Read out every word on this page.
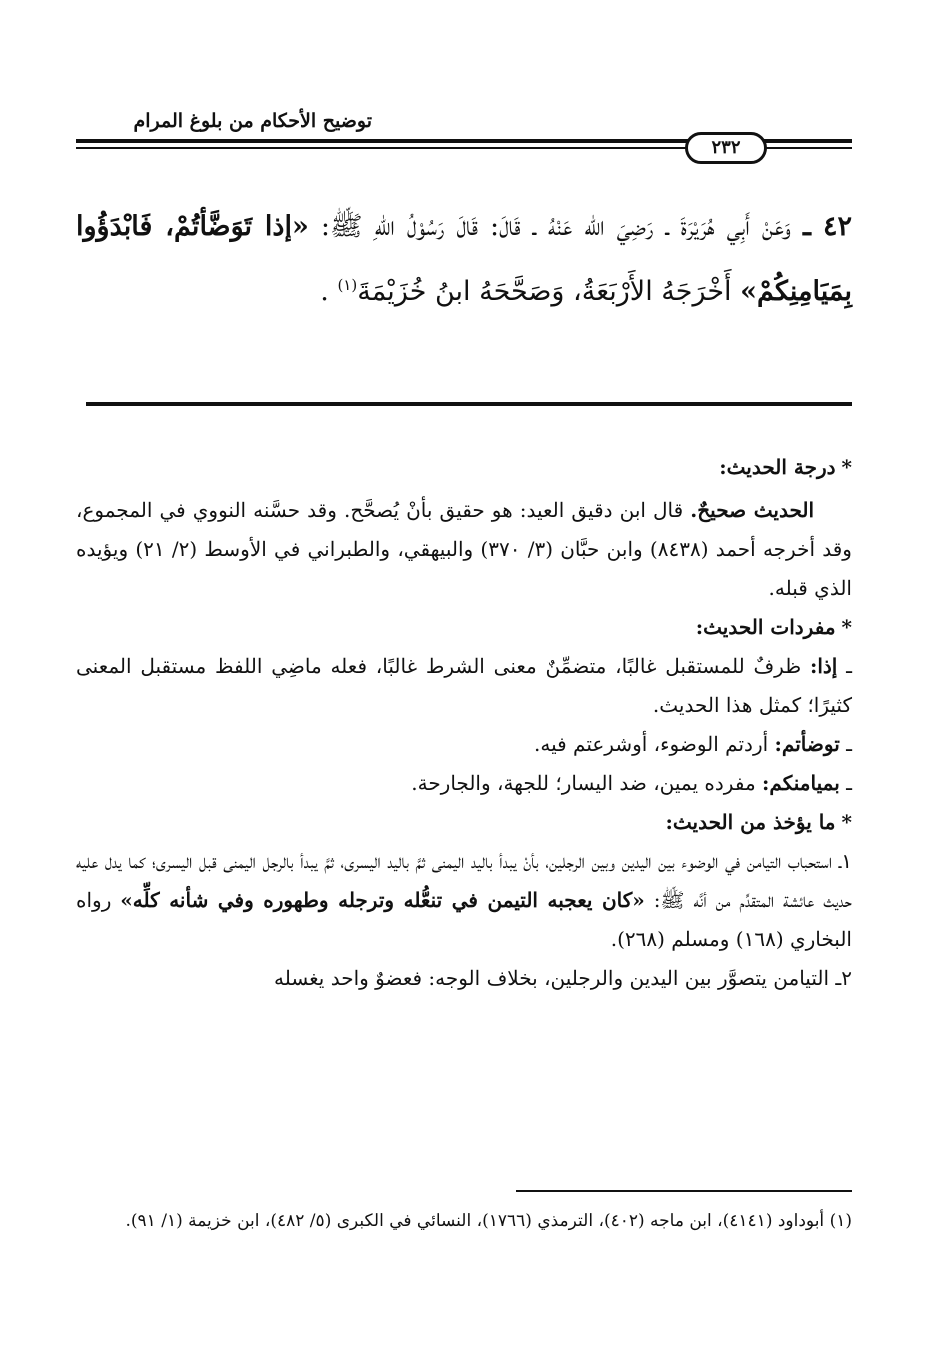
توضيح الأحكام من بلوغ المرام
٢٣٢
٤٢ ـ وَعَنْ أَبِي هُرَيْرَةَ ـ رَضِيَ الله عَنْهُ ـ قَالَ: قَالَ رَسُوْلُ اللهِ ﷺ: «إذا تَوَضَّأتُمْ، فَابْدَؤُوا بِمَيَامِنِكُمْ» أَخْرَجَهُ الأَرْبَعَةُ، وَصَحَّحَهُ ابنُ خُزَيْمَةَ$^{(١)}$ .

*درجة الحديث:

الحديث صحيحٌ. قال ابن دقيق العيد: هو حقيق بأنْ يُصحَّح. وقد حسَّنه النووي في المجموع، وقد أخرجه أحمد (٨٤٣٨) وابن حبَّان (٣/ ٣٧٠) والبيهقي، والطبراني في الأوسط (٢/ ٢١) ويؤيده الذي قبله.

*مفردات الحديث:

ـ إذا: ظرفٌ للمستقبل غالبًا، متضمِّنٌ معنى الشرط غالبًا، فعله ماضِي اللفظ مستقبل المعنى كثيرًا؛ كمثل هذا الحديث.

ـ توضأتم: أردتم الوضوء، أوشرعتم فيه.

ـ بميامنكم: مفرده يمين، ضد اليسار؛ للجهة، والجارحة.

*ما يؤخذ من الحديث:

١ـ استحباب التيامن في الوضوء بين اليدين وبين الرجلين، بأنْ يبدأ باليد اليمنى ثمَّ باليد اليسرى، ثمَّ يبدأ بالرجل اليمنى قبل اليسرى؛ كما يدل عليه حديث عائشة المتقدِّم من أنَّه ﷺ: «كان يعجبه التيمن في تنعُّله وترجله وطهوره وفي شأنه كلِّه» رواه البخاري (١٦٨) ومسلم (٢٦٨).

٢ـ التيامن يتصوَّر بين اليدين والرجلين، بخلاف الوجه: فعضوٌ واحد يغسله

(١) أبوداود (٤١٤١)، ابن ماجه (٤٠٢)، الترمذي (١٧٦٦)، النسائي في الكبرى (٥/ ٤٨٢)، ابن خزيمة (١/ ٩١).
